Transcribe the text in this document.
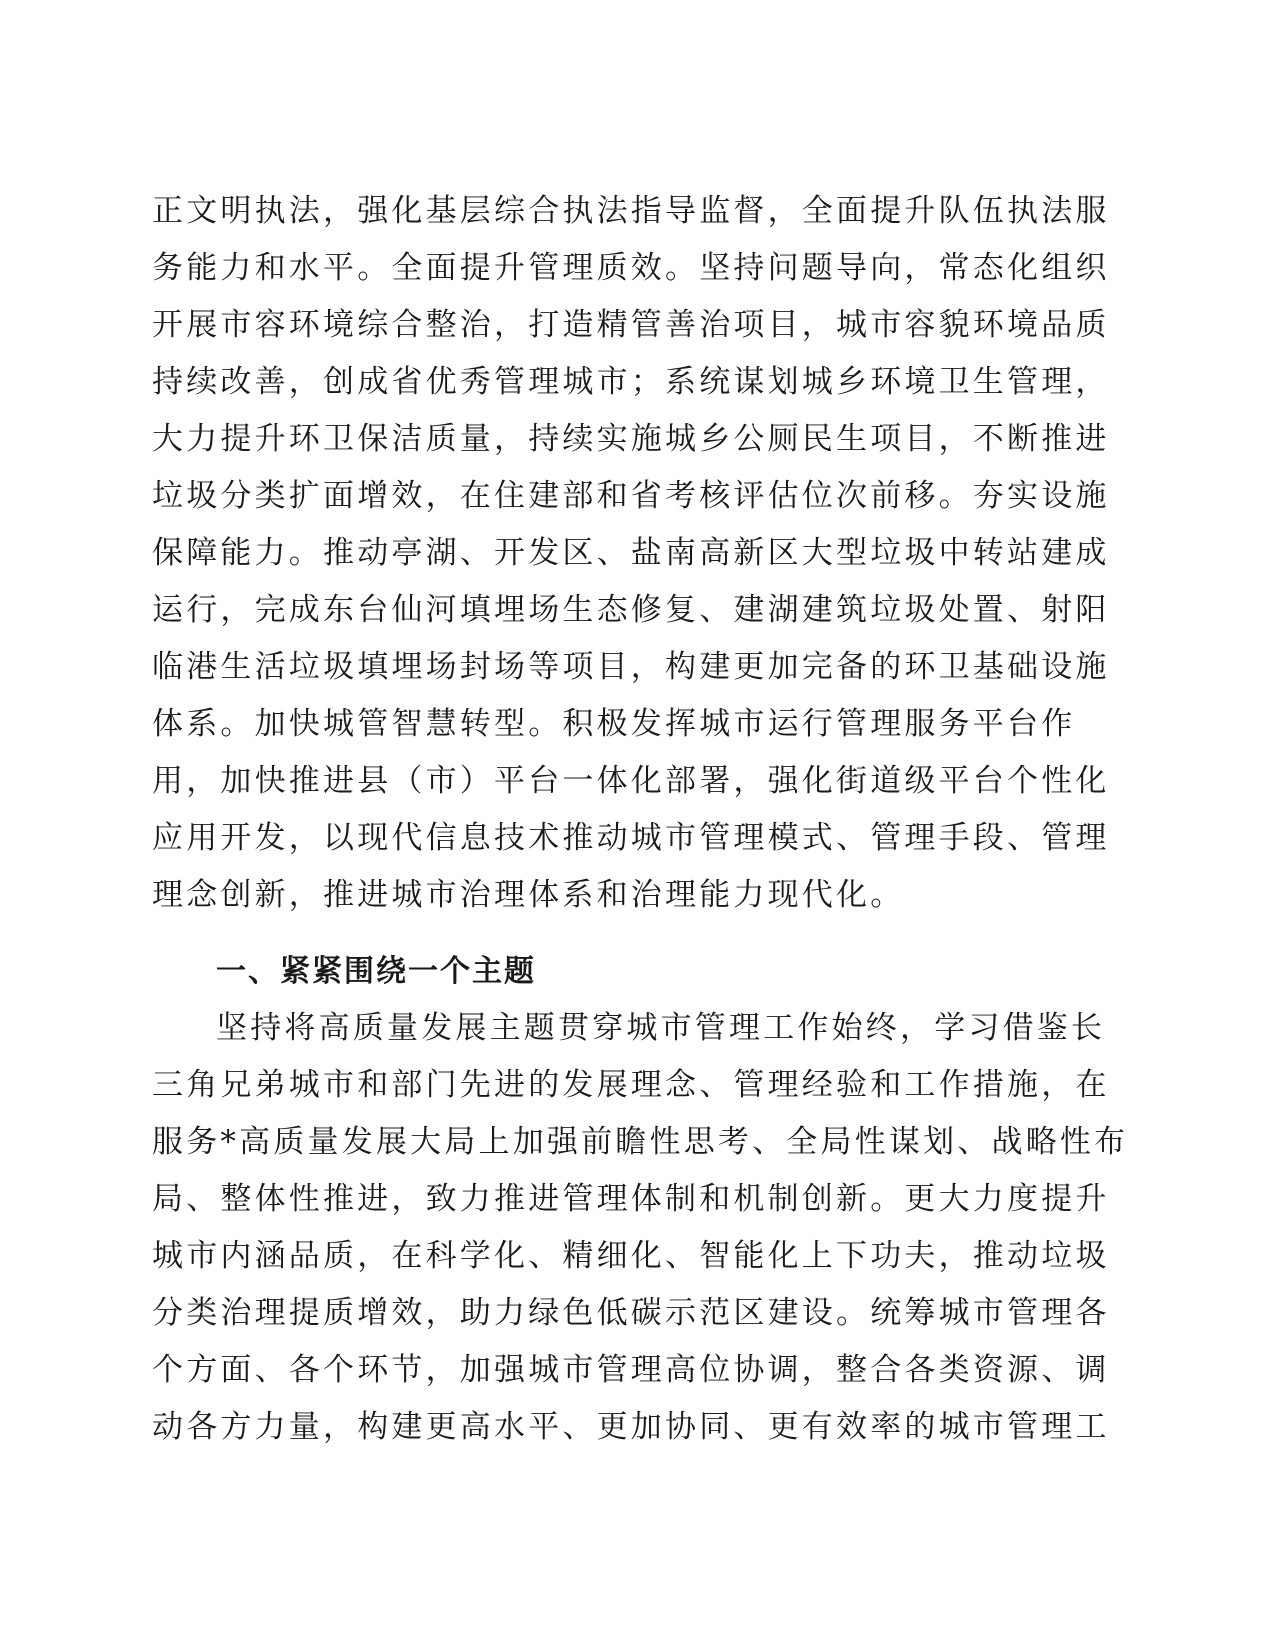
正文明执法，强化基层综合执法指导监督，全面提升队伍执法服
务能力和水平。全面提升管理质效。坚持问题导向，常态化组织
开展市容环境综合整治，打造精管善治项目，城市容貌环境品质
持续改善，创成省优秀管理城市；系统谋划城乡环境卫生管理，
大力提升环卫保洁质量，持续实施城乡公厕民生项目，不断推进
垃圾分类扩面增效，在住建部和省考核评估位次前移。夯实设施
保障能力。推动亭湖、开发区、盐南高新区大型垃圾中转站建成
运行，完成东台仙河填埋场生态修复、建湖建筑垃圾处置、射阳
临港生活垃圾填埋场封场等项目，构建更加完备的环卫基础设施
体系。加快城管智慧转型。积极发挥城市运行管理服务平台作
用，加快推进县（市）平台一体化部署，强化街道级平台个性化
应用开发，以现代信息技术推动城市管理模式、管理手段、管理
理念创新，推进城市治理体系和治理能力现代化。
一、紧紧围绕一个主题
坚持将高质量发展主题贯穿城市管理工作始终，学习借鉴长
三角兄弟城市和部门先进的发展理念、管理经验和工作措施，在
服务*高质量发展大局上加强前瞻性思考、全局性谋划、战略性布
局、整体性推进，致力推进管理体制和机制创新。更大力度提升
城市内涵品质，在科学化、精细化、智能化上下功夫，推动垃圾
分类治理提质增效，助力绿色低碳示范区建设。统筹城市管理各
个方面、各个环节，加强城市管理高位协调，整合各类资源、调
动各方力量，构建更高水平、更加协同、更有效率的城市管理工
